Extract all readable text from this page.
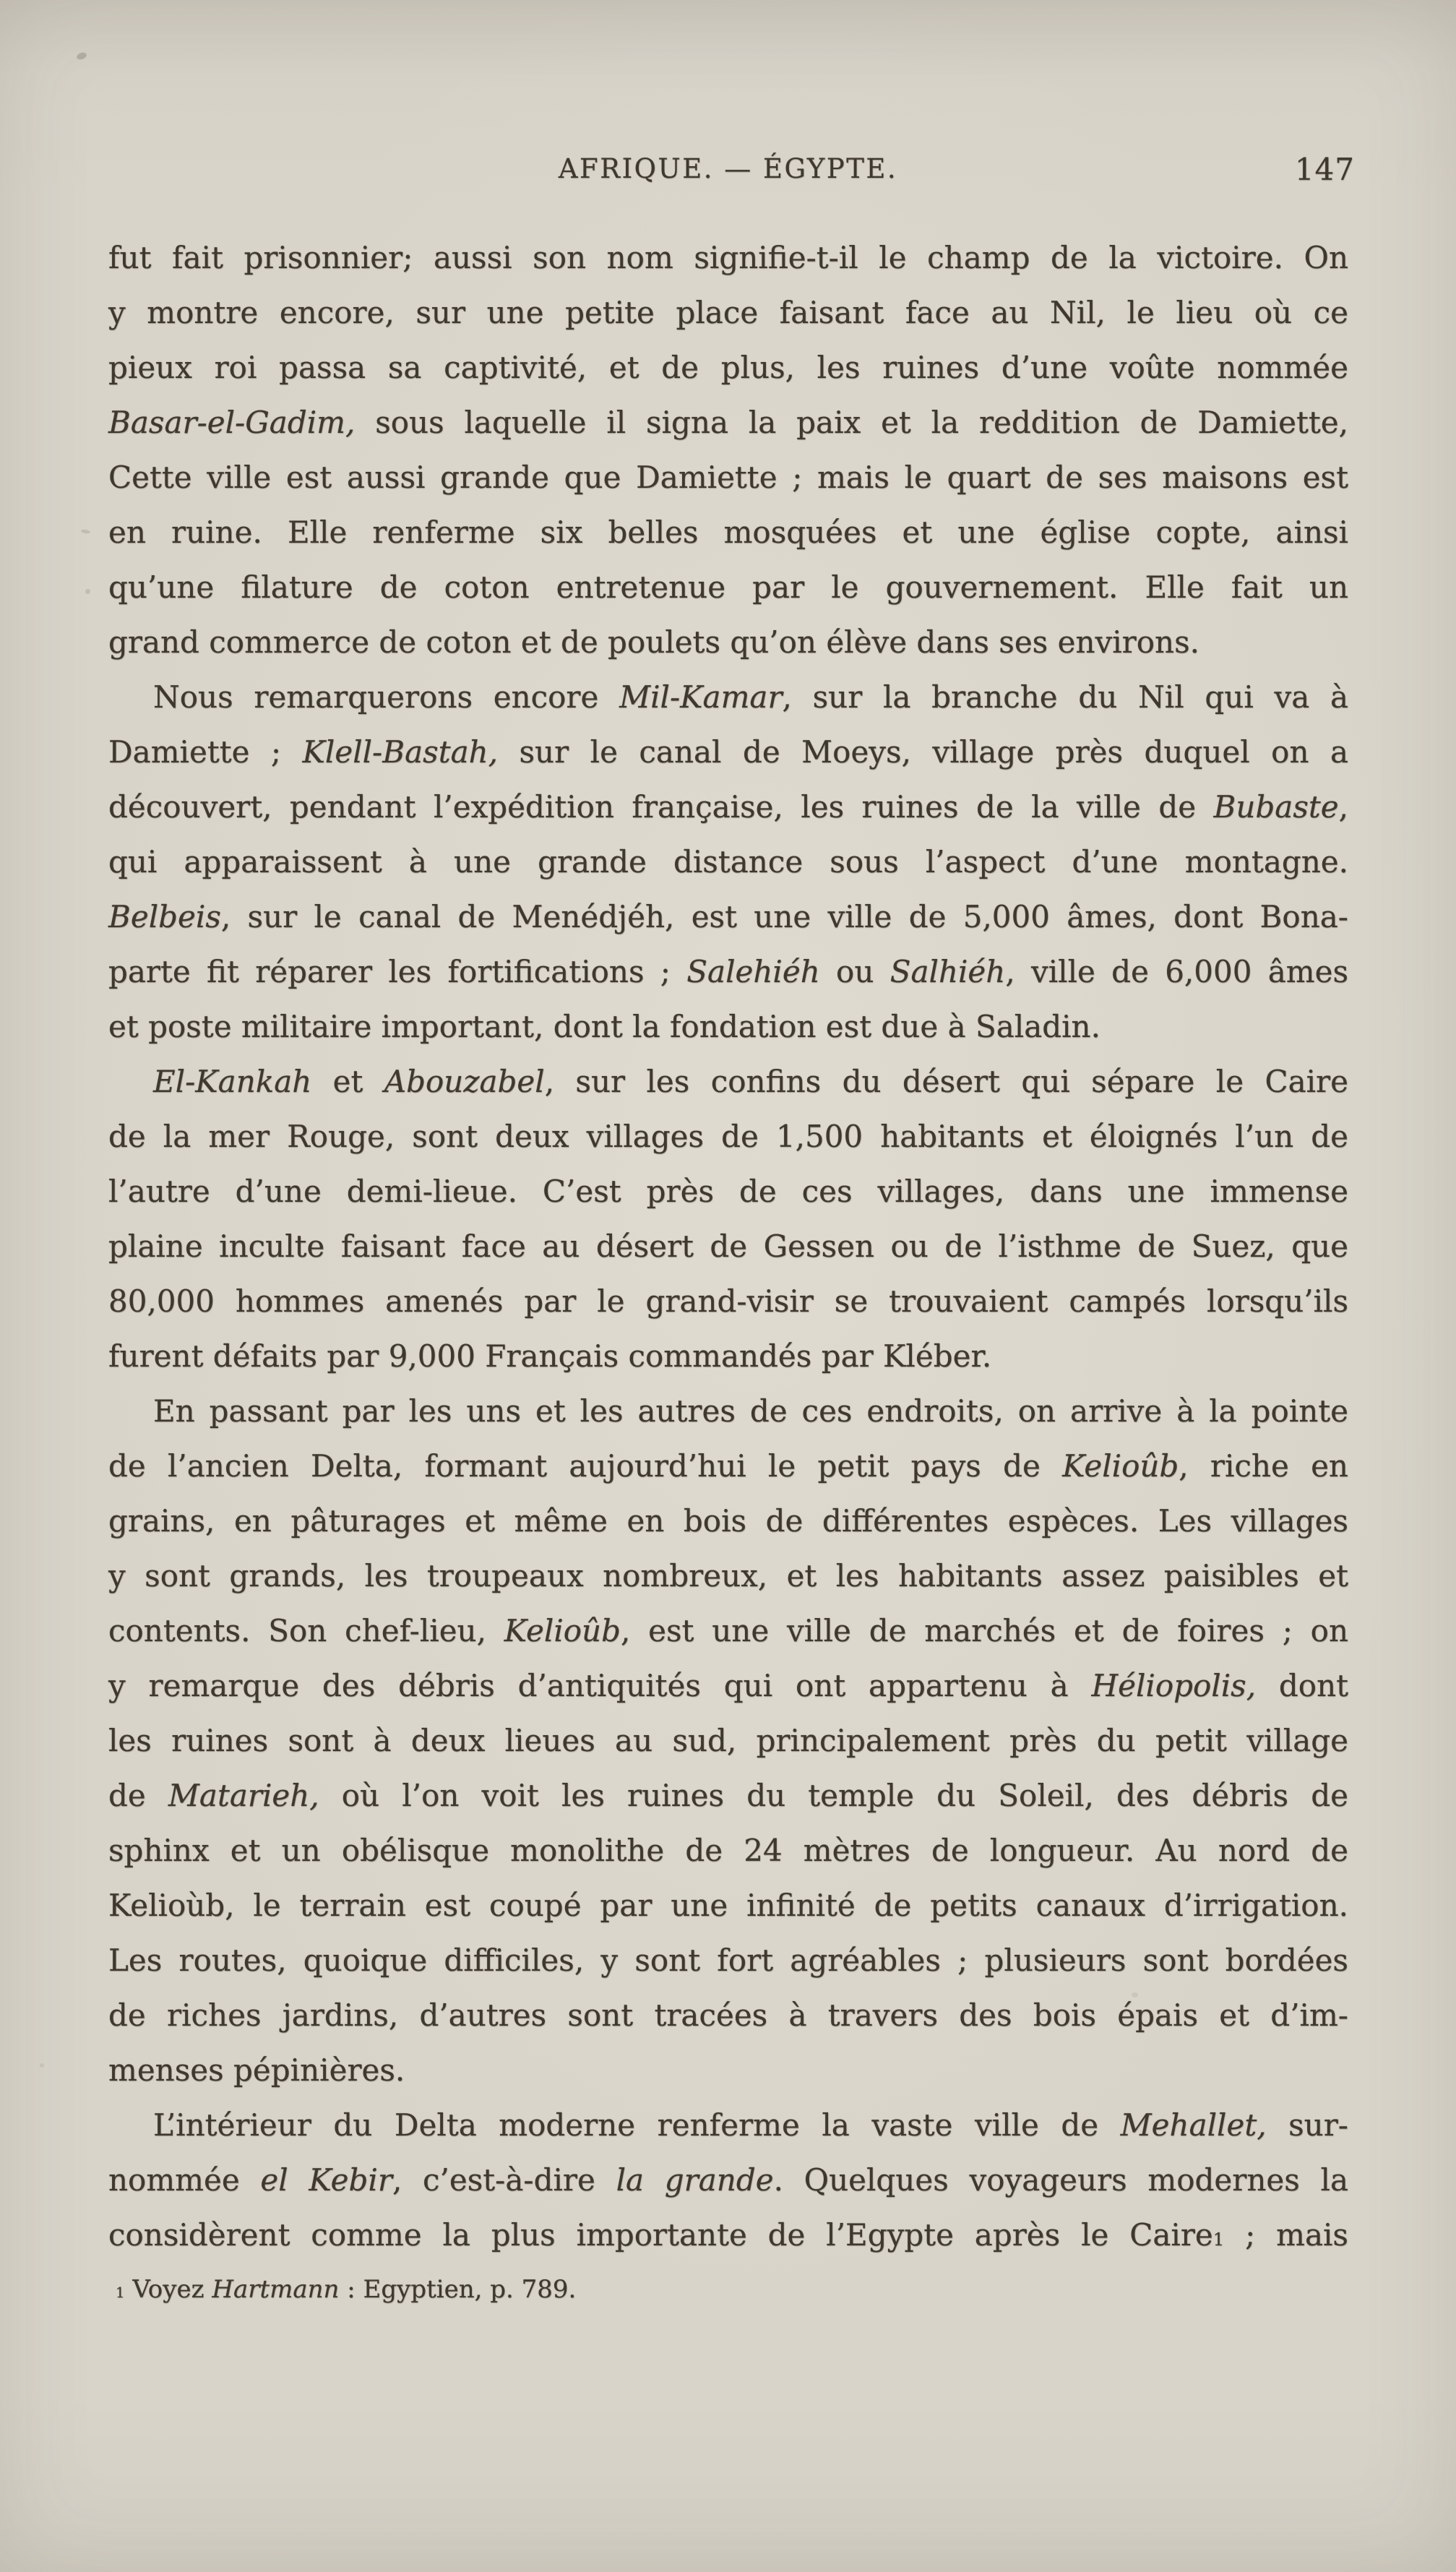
AFRIQUE. — ÉGYPTE.	147
fut fait prisonnier; aussi son nom signifie-t-il le champ de la victoire. On
y montre encore, sur une petite place faisant face au Nil, le lieu où ce
pieux roi passa sa captivité, et de plus, les ruines d’une voûte nommée
Basar-el-Gadim, sous laquelle il signa la paix et la reddition de Damiette,
Cette ville est aussi grande que Damiette ; mais le quart de ses maisons est
en ruine. Elle renferme six belles mosquées et une église copte, ainsi
qu’une filature de coton entretenue par le gouvernement. Elle fait un
grand commerce de coton et de poulets qu’on élève dans ses environs.
Nous remarquerons encore Mil-Kamar, sur la branche du Nil qui va à
Damiette ; Klell-Bastah, sur le canal de Moeys, village près duquel on a
découvert, pendant l’expédition française, les ruines de la ville de Bubaste,
qui apparaissent à une grande distance sous l’aspect d’une montagne.
Belbeis, sur le canal de Menédjéh, est une ville de 5,000 âmes, dont Bona-
parte fit réparer les fortifications ; Salehiéh ou Salhiéh, ville de 6,000 âmes
et poste militaire important, dont la fondation est due à Saladin.
El-Kankah et Abouzabel, sur les confins du désert qui sépare le Caire
de la mer Rouge, sont deux villages de 1,500 habitants et éloignés l’un de
l’autre d’une demi-lieue. C’est près de ces villages, dans une immense
plaine inculte faisant face au désert de Gessen ou de l’isthme de Suez, que
80,000 hommes amenés par le grand-visir se trouvaient campés lorsqu’ils
furent défaits par 9,000 Français commandés par Kléber.
En passant par les uns et les autres de ces endroits, on arrive à la pointe
de l’ancien Delta, formant aujourd’hui le petit pays de Kelioûb, riche en
grains, en pâturages et même en bois de différentes espèces. Les villages
y sont grands, les troupeaux nombreux, et les habitants assez paisibles et
contents. Son chef-lieu, Kelioûb, est une ville de marchés et de foires ; on
y remarque des débris d’antiquités qui ont appartenu à Héliopolis, dont
les ruines sont à deux lieues au sud, principalement près du petit village
de Matarieh, où l’on voit les ruines du temple du Soleil, des débris de
sphinx et un obélisque monolithe de 24 mètres de longueur. Au nord de
Kelioùb, le terrain est coupé par une infinité de petits canaux d’irrigation.
Les routes, quoique difficiles, y sont fort agréables ; plusieurs sont bordées
de riches jardins, d’autres sont tracées à travers des bois épais et d’im-
menses pépinières.
L’intérieur du Delta moderne renferme la vaste ville de Mehallet, sur-
nommée el Kebir, c’est-à-dire la grande. Quelques voyageurs modernes la
considèrent comme la plus importante de l’Egypte après le Caire$^1$ ; mais
$^1$ Voyez Hartmann : Egyptien, p. 789.
